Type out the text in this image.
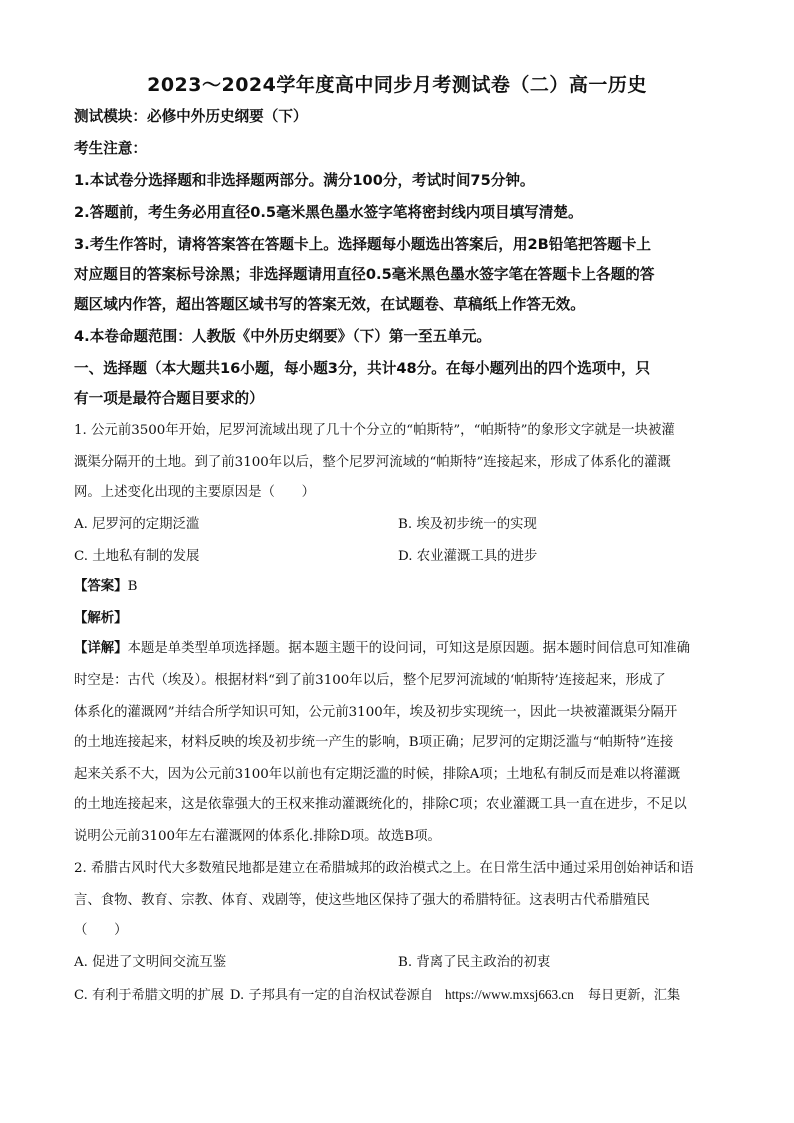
2023～2024学年度高中同步月考测试卷（二）高一历史
测试模块：必修中外历史纲要（下）
考生注意：
1.本试卷分选择题和非选择题两部分。满分100分，考试时间75分钟。
2.答题前，考生务必用直径0.5毫米黑色墨水签字笔将密封线内项目填写清楚。
3.考生作答时，请将答案答在答题卡上。选择题每小题选出答案后，用2B铅笔把答题卡上
对应题目的答案标号涂黑；非选择题请用直径0.5毫米黑色墨水签字笔在答题卡上各题的答
题区域内作答，超出答题区域书写的答案无效，在试题卷、草稿纸上作答无效。
4.本卷命题范围：人教版《中外历史纲要》（下）第一至五单元。
一、选择题（本大题共16小题，每小题3分，共计48分。在每小题列出的四个选项中，只
有一项是最符合题目要求的）
1. 公元前3500年开始，尼罗河流域出现了几十个分立的“帕斯特”，“帕斯特”的象形文字就是一块被灌
溉渠分隔开的土地。到了前3100年以后，整个尼罗河流域的“帕斯特”连接起来，形成了体系化的灌溉
网。上述变化出现的主要原因是（　　）
A. 尼罗河的定期泛滥	B. 埃及初步统一的实现
C. 土地私有制的发展	D. 农业灌溉工具的进步
【答案】B
【解析】
【详解】本题是单类型单项选择题。据本题主题干的设问词，可知这是原因题。据本题时间信息可知准确
时空是：古代（埃及）。根据材料“到了前3100年以后，整个尼罗河流域的‘帕斯特’连接起来，形成了
体系化的灌溉网”并结合所学知识可知，公元前3100年，埃及初步实现统一，因此一块被灌溉渠分隔开
的土地连接起来，材料反映的埃及初步统一产生的影响，B项正确；尼罗河的定期泛滥与“帕斯特”连接
起来关系不大，因为公元前3100年以前也有定期泛滥的时候，排除A项；土地私有制反而是难以将灌溉
的土地连接起来，这是依靠强大的王权来推动灌溉统化的，排除C项；农业灌溉工具一直在进步，不足以
说明公元前3100年左右灌溉网的体系化.排除D项。故选B项。
2. 希腊古风时代大多数殖民地都是建立在希腊城邦的政治模式之上。在日常生活中通过采用创始神话和语
言、食物、教育、宗教、体育、戏剧等，使这些地区保持了强大的希腊特征。这表明古代希腊殖民
（　　）
A. 促进了文明间交流互鉴	B. 背离了民主政治的初衷
C. 有利于希腊文明的扩展 D. 子邦具有一定的自治权试卷源自 https://www.mxsj663.cn 每日更新，汇集
